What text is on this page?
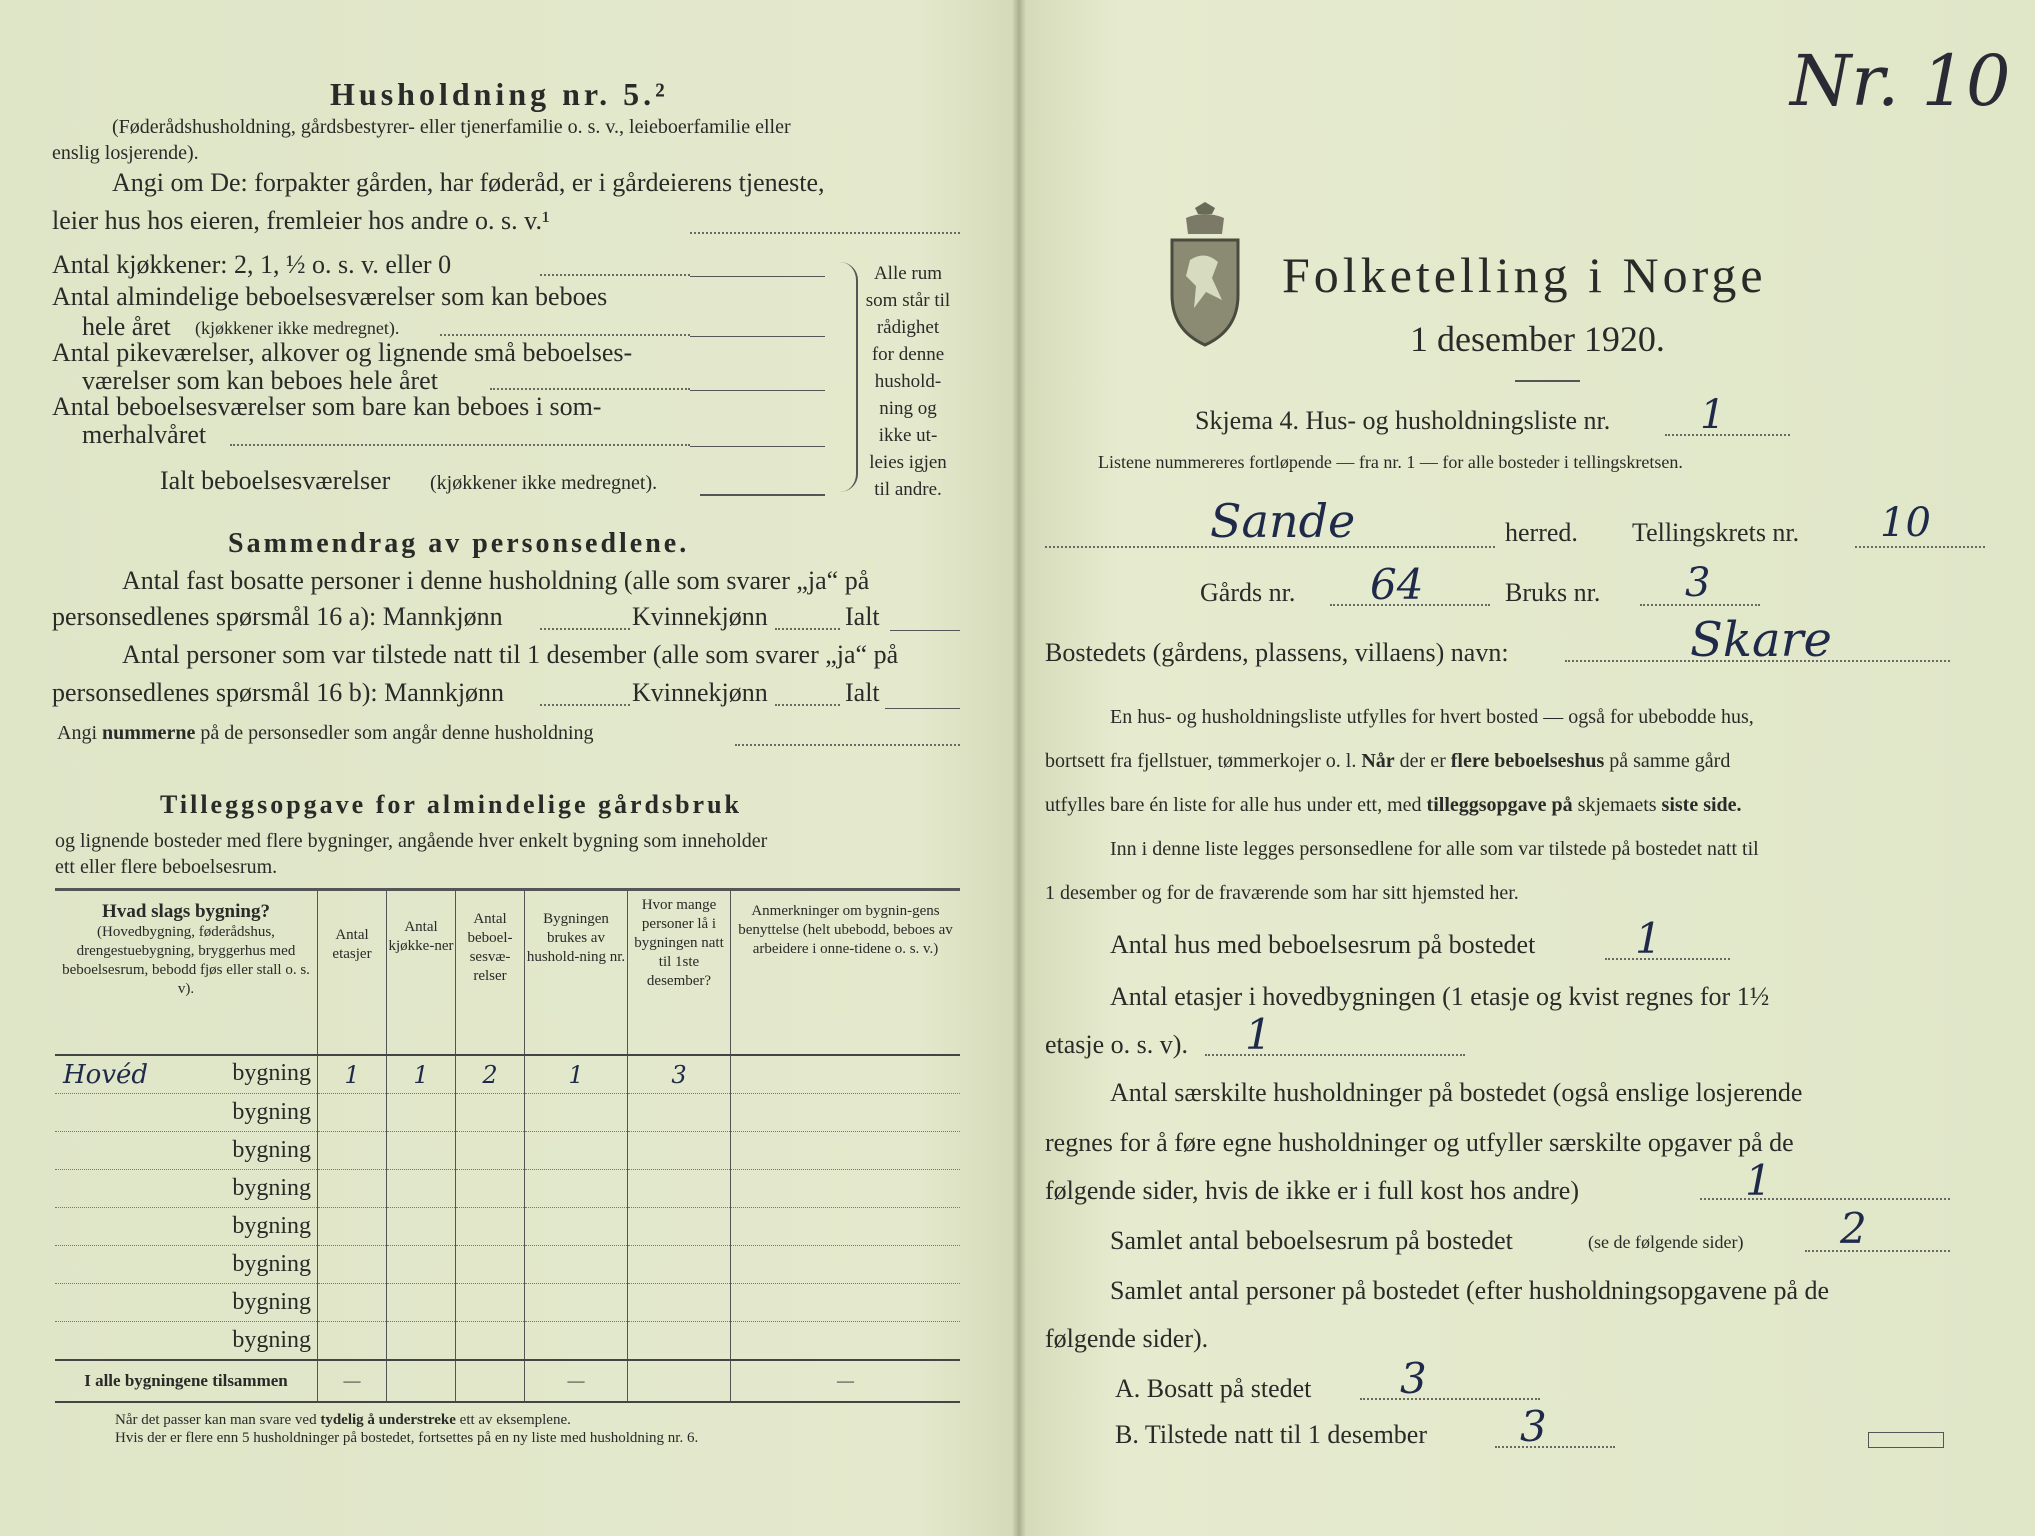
Husholdning nr. 5.²
(Føderådshusholdning, gårdsbestyrer- eller tjenerfamilie o. s. v., leieboerfamilie eller
enslig losjerende).
Angi om De: forpakter gården, har føderåd, er i gårdeierens tjeneste,
leier hus hos eieren, fremleier hos andre o. s. v.¹
Antal kjøkkener: 2, 1, ½ o. s. v. eller 0
Antal almindelige beboelsesværelser som kan beboes
hele året (kjøkkener ikke medregnet).
Antal pikeværelser, alkover og lignende små beboelses-
værelser som kan beboes hele året
Antal beboelsesværelser som bare kan beboes i som-
merhalvåret
Ialt beboelsesværelser (kjøkkener ikke medregnet).
Alle rum
som står til
rådighet
for denne
hushold-
ning og
ikke ut-
leies igjen
til andre.
Sammendrag av personsedlene.
Antal fast bosatte personer i denne husholdning (alle som svarer „ja“ på
personsedlenes spørsmål 16 a): Mannkjønn	Kvinnekjønn	Ialt
Antal personer som var tilstede natt til 1 desember (alle som svarer „ja“ på
personsedlenes spørsmål 16 b): Mannkjønn	Kvinnekjønn	Ialt
Angi nummerne på de personsedler som angår denne husholdning
Tilleggsopgave for almindelige gårdsbruk
og lignende bosteder med flere bygninger, angående hver enkelt bygning som inneholder
ett eller flere beboelsesrum.
Hvad slags bygning?
(Hovedbygning, føderådshus, drengestuebygning, bryggerhus med beboelsesrum, bebodd fjøs eller stall o. s. v).	Antal etasjer	Antal kjøkke-ner	Antal beboel-sesvæ-relser	Bygningen brukes av hushold-ning nr.	Hvor mange personer lå i bygningen natt til 1ste desember?	Anmerkninger om bygnin-gens benyttelse (helt ubebodd, beboes av arbeidere i onne-tidene o. s. v.)

Hovéd bygning	1	1	2	1	3	
bygning						
bygning						
bygning						
bygning						
bygning						
bygning						
bygning						
I alle bygningene tilsammen	—			—		—
Når det passer kan man svare ved tydelig å understreke ett av eksemplene.
Hvis der er flere enn 5 husholdninger på bostedet, fortsettes på en ny liste med husholdning nr. 6.
Nr. 10
Folketelling i Norge
1 desember 1920.
Skjema 4. Hus- og husholdningsliste nr. 1
Listene nummereres fortløpende — fra nr. 1 — for alle bosteder i tellingskretsen.
Sande	herred. Tellingskrets nr. 10
Gårds nr. 64	Bruks nr. 3
Bostedets (gårdens, plassens, villaens) navn:	Skare
En hus- og husholdningsliste utfylles for hvert bosted — også for ubebodde hus,
bortsett fra fjellstuer, tømmerkojer o. l. Når der er flere beboelseshus på samme gård
utfylles bare én liste for alle hus under ett, med tilleggsopgave på skjemaets siste side.
Inn i denne liste legges personsedlene for alle som var tilstede på bostedet natt til
1 desember og for de fraværende som har sitt hjemsted her.
Antal hus med beboelsesrum på bostedet 1
Antal etasjer i hovedbygningen (1 etasje og kvist regnes for 1½
etasje o. s. v). 1
Antal særskilte husholdninger på bostedet (også enslige losjerende
regnes for å føre egne husholdninger og utfyller særskilte opgaver på de
følgende sider, hvis de ikke er i full kost hos andre)	1
Samlet antal beboelsesrum på bostedet	(se de følgende sider) 2
Samlet antal personer på bostedet (efter husholdningsopgavene på de
følgende sider).
A. Bosatt på stedet 3
B. Tilstede natt til 1 desember 3
